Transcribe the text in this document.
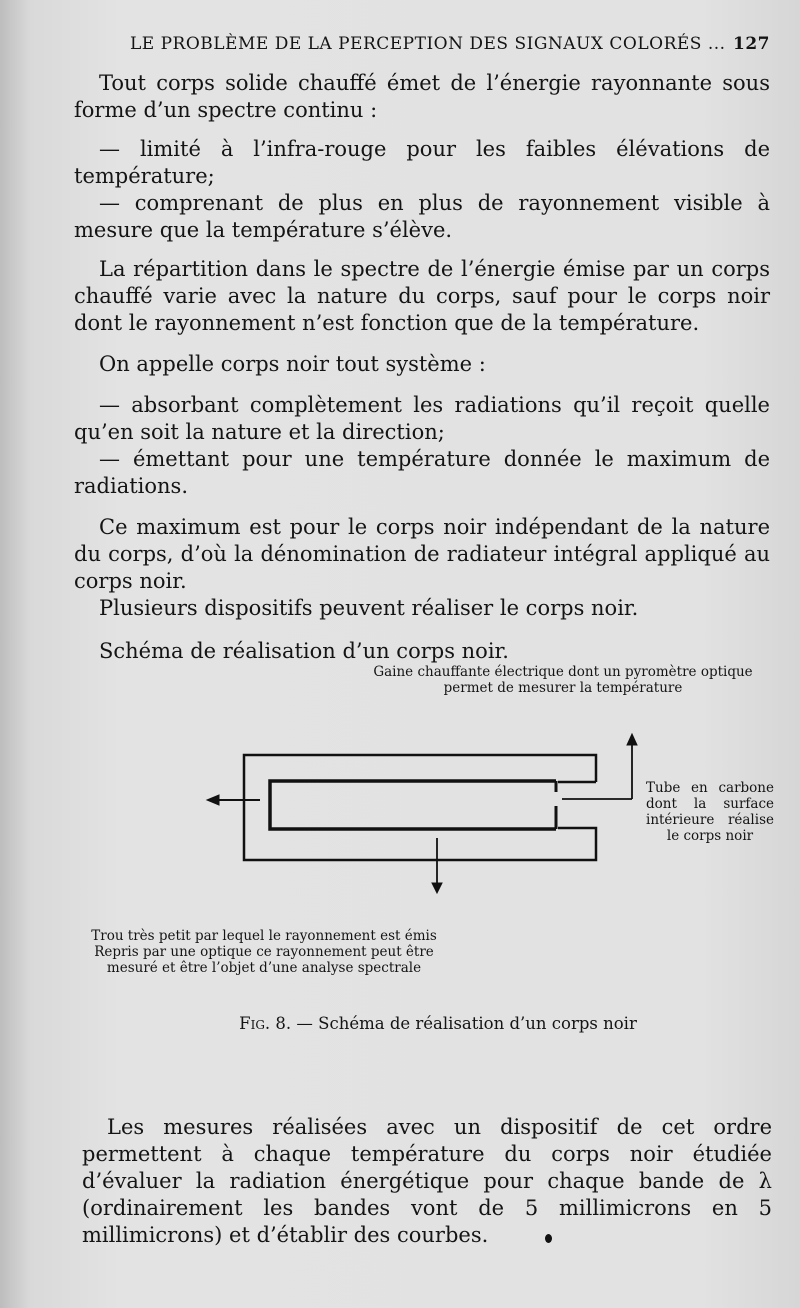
LE PROBLÈME DE LA PERCEPTION DES SIGNAUX COLORÉS ... 127

Tout corps solide chauffé émet de l’énergie rayonnante sous forme d’un spectre continu :

— limité à l’infra-rouge pour les faibles élévations de température;

— comprenant de plus en plus de rayonnement visible à mesure que la température s’élève.

La répartition dans le spectre de l’énergie émise par un corps chauffé varie avec la nature du corps, sauf pour le corps noir dont le rayonnement n’est fonction que de la température.

On appelle corps noir tout système :

— absorbant complètement les radiations qu’il reçoit quelle qu’en soit la nature et la direction;

— émettant pour une température donnée le maximum de radiations.

Ce maximum est pour le corps noir indépendant de la nature du corps, d’où la dénomination de radiateur intégral appliqué au corps noir.

Plusieurs dispositifs peuvent réaliser le corps noir.

Schéma de réalisation d’un corps noir.

Gaine chauffante électrique dont un pyromètre optique permet de mesurer la température
Tube en carbone dont la surface intérieure réalise le corps noir
Trou très petit par lequel le rayonnement est émis Repris par une optique ce rayonnement peut être mesuré et être l’objet d’une analyse spectrale
Fig. 8. — Schéma de réalisation d’un corps noir

Les mesures réalisées avec un dispositif de cet ordre permettent à chaque température du corps noir étudiée d’évaluer la radiation énergétique pour chaque bande de λ (ordinairement les bandes vont de 5 millimicrons en 5 millimicrons) et d’établir des courbes.
